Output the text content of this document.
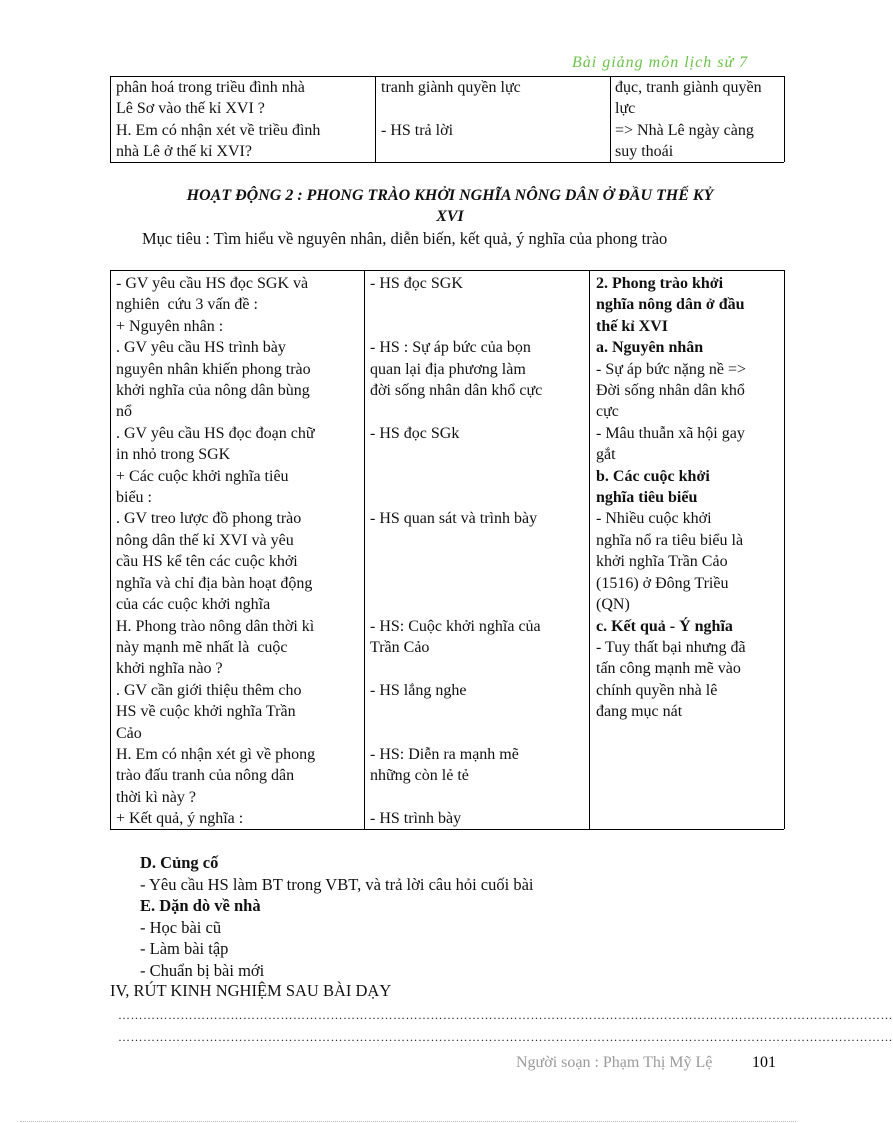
Bài giảng môn lịch sử 7
phân hoá trong triều đình nhà
Lê Sơ vào thế kỉ XVI ?
H. Em có nhận xét về triều đình
nhà Lê ở thế kỉ XVI?
tranh giành quyền lực

- HS trả lời

đục, tranh giành quyền
lực
=> Nhà Lê ngày càng
suy thoái
HOẠT ĐỘNG 2 : PHONG TRÀO KHỞI NGHĨA NÔNG DÂN Ở ĐẦU THẾ KỶ
XVI
Mục tiêu : Tìm hiểu về nguyên nhân, diễn biến, kết quả, ý nghĩa của phong trào
- GV yêu cầu HS đọc SGK và
nghiên  cứu 3 vấn đề :
+ Nguyên nhân :
. GV yêu cầu HS trình bày
nguyên nhân khiến phong trào
khởi nghĩa của nông dân bùng
nổ
. GV yêu cầu HS đọc đoạn chữ
in nhỏ trong SGK
+ Các cuộc khởi nghĩa tiêu
biểu :
. GV treo lược đồ phong trào
nông dân thế kỉ XVI và yêu
cầu HS kể tên các cuộc khởi
nghĩa và chỉ địa bàn hoạt động
của các cuộc khởi nghĩa
H. Phong trào nông dân thời kì
này mạnh mẽ nhất là  cuộc
khởi nghĩa nào ?
. GV cần giới thiệu thêm cho
HS về cuộc khởi nghĩa Trần
Cảo
H. Em có nhận xét gì về phong
trào đấu tranh của nông dân
thời kì này ?
+ Kết quả, ý nghĩa :
- HS đọc SGK

- HS : Sự áp bức của bọn
quan lại địa phương làm
đời sống nhân dân khổ cực

- HS đọc SGk

- HS quan sát và trình bày

- HS: Cuộc khởi nghĩa của
Trần Cảo

- HS lắng nghe

- HS: Diễn ra mạnh mẽ
những còn lẻ tẻ

- HS trình bày
2. Phong trào khởi
nghĩa nông dân ở đầu
thế kỉ XVI
a. Nguyên nhân
- Sự áp bức nặng nề =>
Đời sống nhân dân khổ
cực
- Mâu thuẫn xã hội gay
gắt
b. Các cuộc khởi
nghĩa tiêu biểu
- Nhiều cuộc khởi
nghĩa nổ ra tiêu biểu là
khởi nghĩa Trần Cảo
(1516) ở Đông Triều
(QN)
c. Kết quả - Ý nghĩa
- Tuy thất bại nhưng đã
tấn công mạnh mẽ vào
chính quyền nhà lê
đang mục nát
D. Củng cố
- Yêu cầu HS làm BT trong VBT, và trả lời câu hỏi cuối bài
E. Dặn dò về nhà
- Học bài cũ
- Làm bài tập
- Chuẩn bị bài mới
IV, RÚT KINH NGHIỆM SAU BÀI DẠY
……………………………………………………………………………………………………………………………………………………………………
……………………………………………………………………………………………………………………………………………………………………
Người soạn : Phạm Thị Mỹ Lệ 101
